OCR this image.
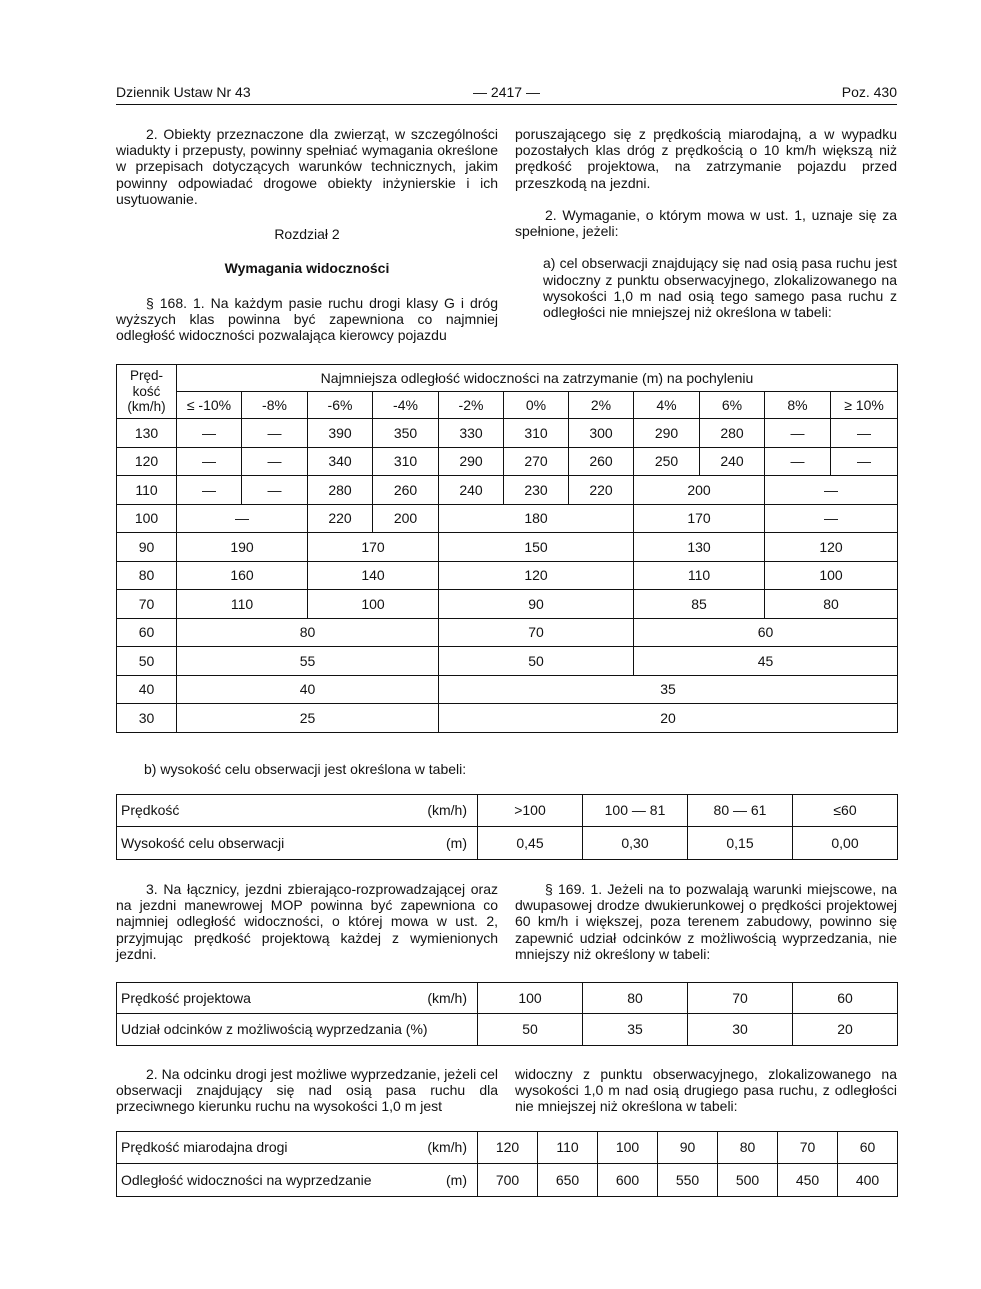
Dziennik Ustaw Nr 43	— 2417 —	Poz. 430

2. Obiekty przeznaczone dla zwierząt, w szczególności wiadukty i przepusty, powinny spełniać wymagania określone w przepisach dotyczących warunków technicznych, jakim powinny odpowiadać drogowe obiekty inżynierskie i ich usytuowanie.

Rozdział 2
Wymagania widoczności

§ 168. 1. Na każdym pasie ruchu drogi klasy G i dróg wyższych klas powinna być zapewniona co najmniej odległość widoczności pozwalająca kierowcy pojazdu

poruszającego się z prędkością miarodajną, a w wypadku pozostałych klas dróg z prędkością o 10 km/h większą niż prędkość projektowa, na zatrzymanie pojazdu przed przeszkodą na jezdni.

2. Wymaganie, o którym mowa w ust. 1, uznaje się za spełnione, jeżeli:

a) cel obserwacji znajdujący się nad osią pasa ruchu jest widoczny z punktu obserwacyjnego, zlokalizowanego na wysokości 1,0 m nad osią tego samego pasa ruchu z odległości nie mniejszej niż określona w tabeli:
Pręd-
kość
(km/h)	Najmniejsza odległość widoczności na zatrzymanie (m) na pochyleniu										
	≤ -10%	-8%	-6%	-4%	-2%	0%	2%	4%	6%	8%	≥ 10%
130	—	—	390	350	330	310	300	290	280	—	—
120	—	—	340	310	290	270	260	250	240	—	—
110	—	—	280	260	240	230	220	200		—	
100	—		220	200	180			170		—	
90	190		170		150			130		120	
80	160		140		120			110		100	
70	110		100		90			85		80	
60	80				70			60			
50	55				50			45			
40	40				35						
30	25				20						
b) wysokość celu obserwacji jest określona w tabeli:
Prędkość (km/h)	>100	100 — 81	80 — 61	≤60

Wysokość celu obserwacji (m)	0,45	0,30	0,15	0,00

3. Na łącznicy, jezdni zbierająco-rozprowadzającej oraz na jezdni manewrowej MOP powinna być zapewniona co najmniej odległość widoczności, o której mowa w ust. 2, przyjmując prędkość projektową każdej z wymienionych jezdni.

§ 169. 1. Jeżeli na to pozwalają warunki miejscowe, na dwupasowej drodze dwukierunkowej o prędkości projektowej 60 km/h i większej, poza terenem zabudowy, powinno się zapewnić udział odcinków z możliwością wyprzedzania, nie mniejszy niż określony w tabeli:

Prędkość projektowa (km/h)	100	80	70	60
Udział odcinków z możliwością wyprzedzania (%)	50	35	30	20

2. Na odcinku drogi jest możliwe wyprzedzanie, jeżeli cel obserwacji znajdujący się nad osią pasa ruchu dla przeciwnego kierunku ruchu na wysokości 1,0 m jest

widoczny z punktu obserwacyjnego, zlokalizowanego na wysokości 1,0 m nad osią drugiego pasa ruchu, z odległości nie mniejszej niż określona w tabeli:

Prędkość miarodajna drogi (km/h)	120	110	100	90	80	70	60

Odległość widoczności na wyprzedzanie (m)	700	650	600	550	500	450	400
